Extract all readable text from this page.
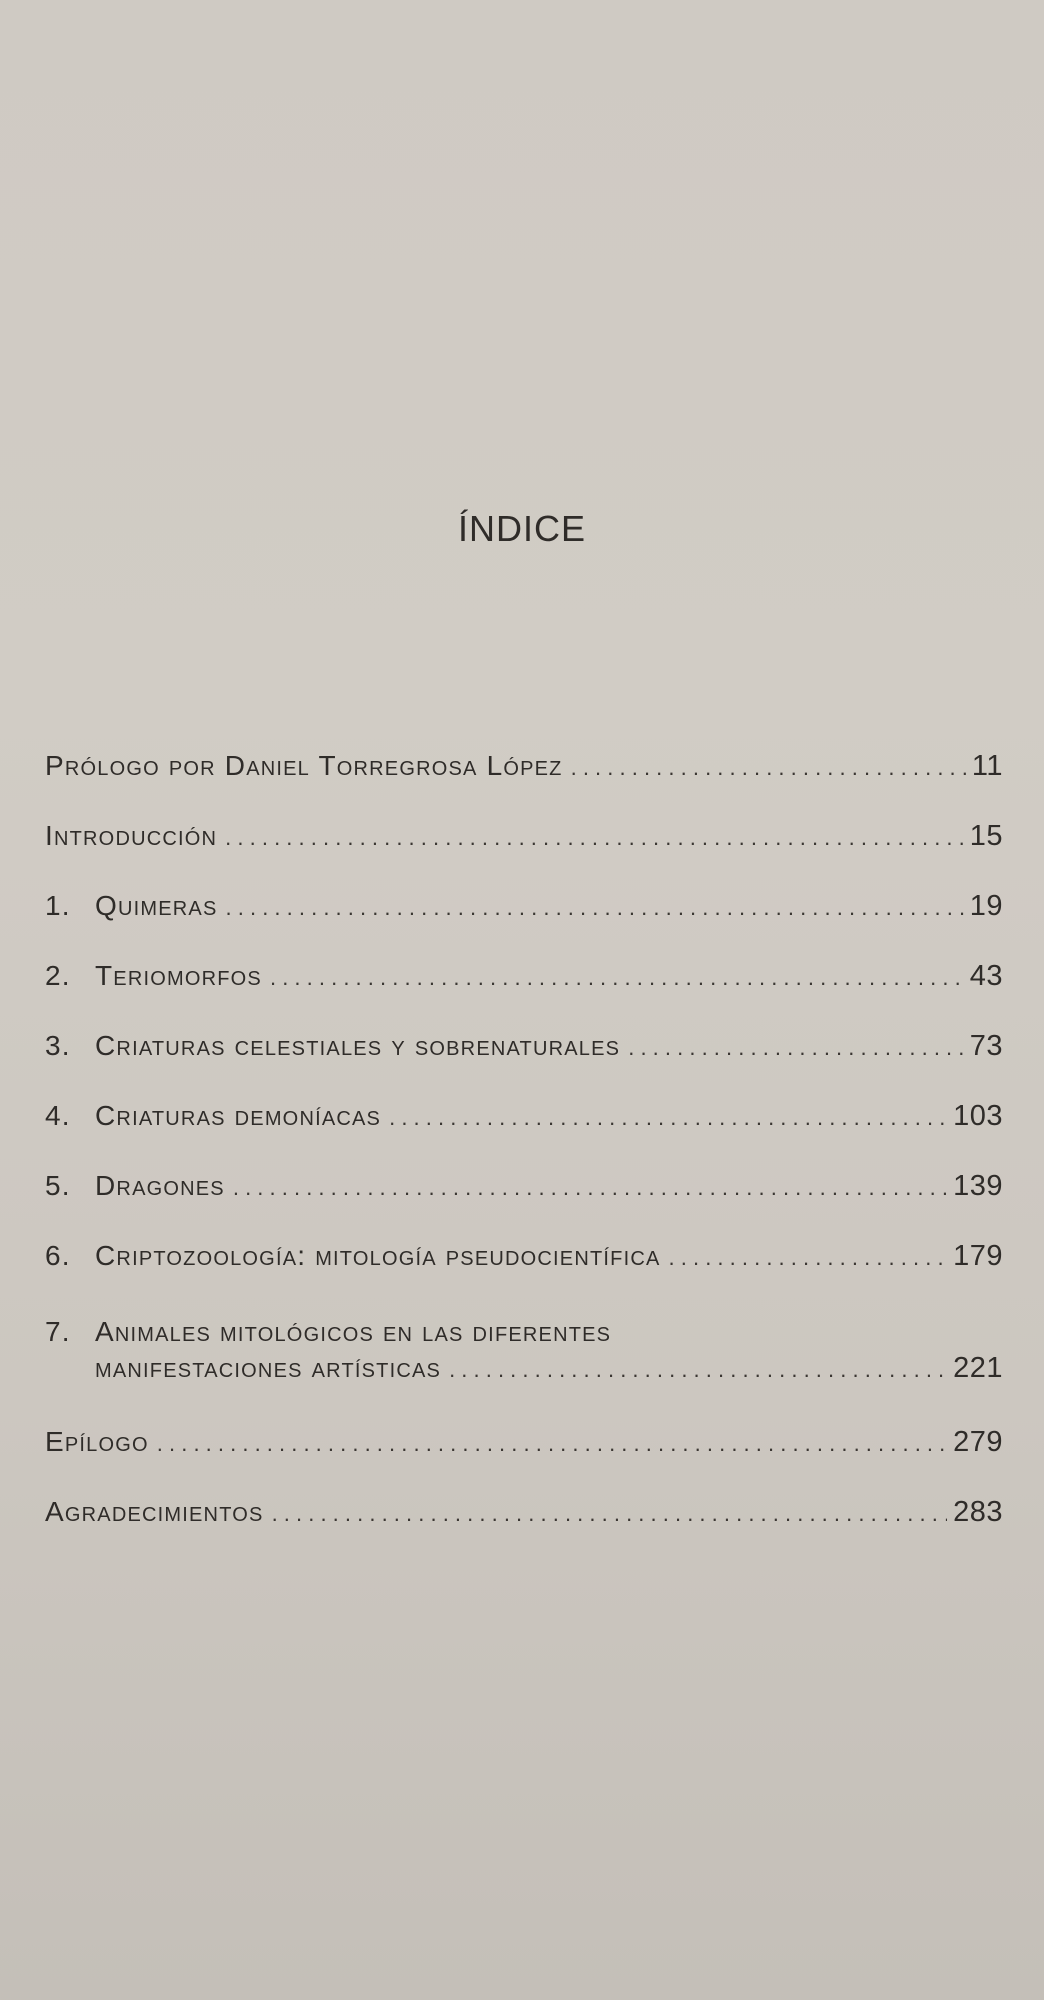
ÍNDICE
Prólogo por Daniel Torregrosa López . . .	11
Introducción . . .	15
1. Quimeras . . .	19
2. Teriomorfos . . .	43
3. Criaturas celestiales y sobrenaturales . . .	73
4. Criaturas demoníacas . . .	103
5. Dragones . . .	139
6. Criptozoología: mitología pseudocientífica . . .	179
7. Animales mitológicos en las diferentes
manifestaciones artísticas . . .	221
Epílogo . . .	279
Agradecimientos . . .	283
